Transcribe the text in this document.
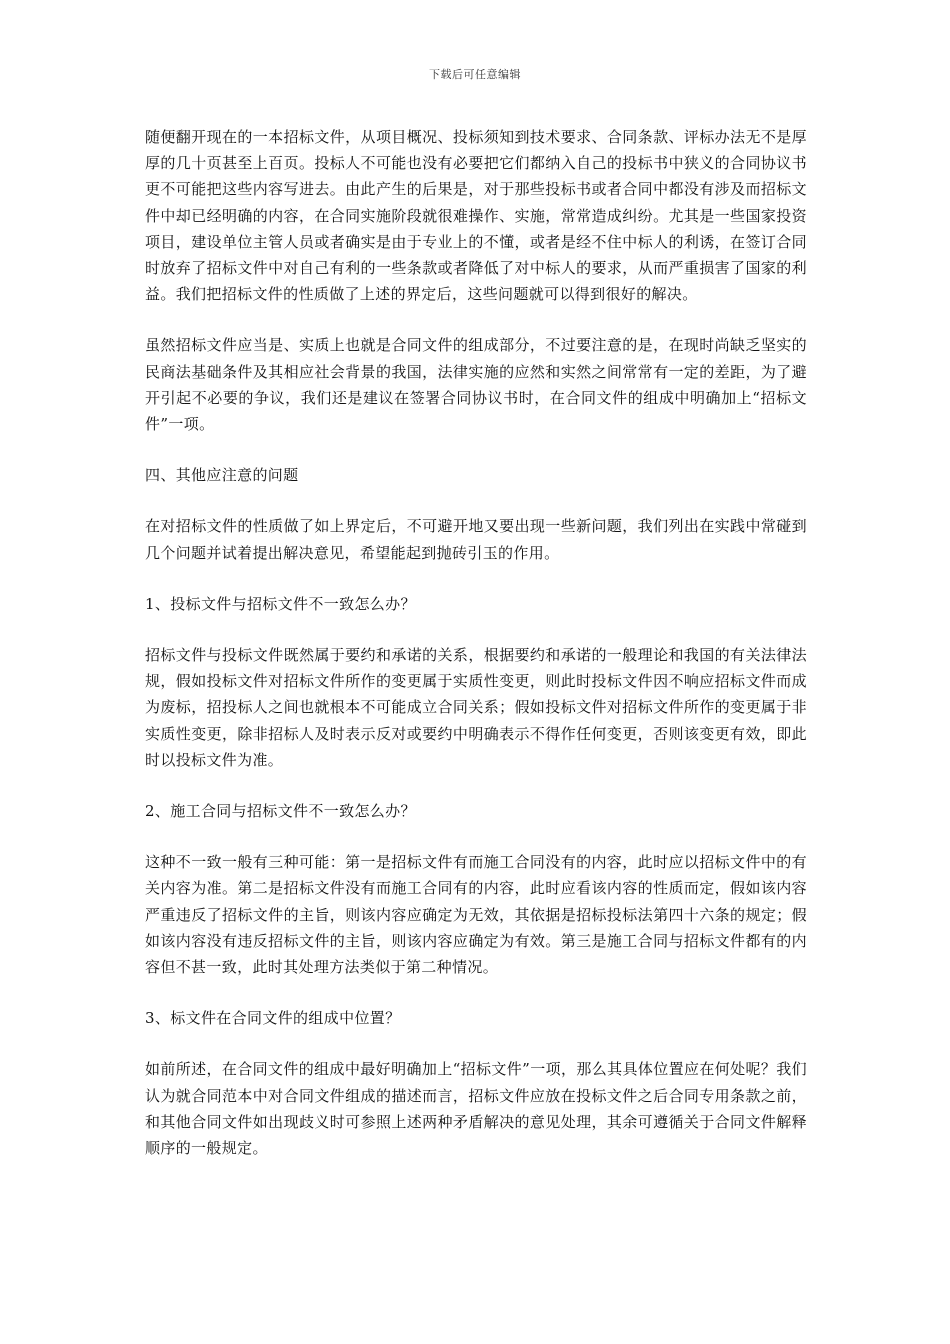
下载后可任意编辑

随便翻开现在的一本招标文件，从项目概况、投标须知到技术要求、合同条款、评标办法无不是厚厚的几十页甚至上百页。投标人不可能也没有必要把它们都纳入自己的投标书中狭义的合同协议书更不可能把这些内容写进去。由此产生的后果是，对于那些投标书或者合同中都没有涉及而招标文件中却已经明确的内容，在合同实施阶段就很难操作、实施，常常造成纠纷。尤其是一些国家投资项目，建设单位主管人员或者确实是由于专业上的不懂，或者是经不住中标人的利诱，在签订合同时放弃了招标文件中对自己有利的一些条款或者降低了对中标人的要求，从而严重损害了国家的利益。我们把招标文件的性质做了上述的界定后，这些问题就可以得到很好的解决。

虽然招标文件应当是、实质上也就是合同文件的组成部分，不过要注意的是，在现时尚缺乏坚实的民商法基础条件及其相应社会背景的我国，法律实施的应然和实然之间常常有一定的差距，为了避开引起不必要的争议，我们还是建议在签署合同协议书时，在合同文件的组成中明确加上“招标文件”一项。

四、其他应注意的问题

在对招标文件的性质做了如上界定后，不可避开地又要出现一些新问题，我们列出在实践中常碰到几个问题并试着提出解决意见，希望能起到抛砖引玉的作用。

1、投标文件与招标文件不一致怎么办？

招标文件与投标文件既然属于要约和承诺的关系，根据要约和承诺的一般理论和我国的有关法律法规，假如投标文件对招标文件所作的变更属于实质性变更，则此时投标文件因不响应招标文件而成为废标，招投标人之间也就根本不可能成立合同关系；假如投标文件对招标文件所作的变更属于非实质性变更，除非招标人及时表示反对或要约中明确表示不得作任何变更，否则该变更有效，即此时以投标文件为准。

2、施工合同与招标文件不一致怎么办？

这种不一致一般有三种可能：第一是招标文件有而施工合同没有的内容，此时应以招标文件中的有关内容为准。第二是招标文件没有而施工合同有的内容，此时应看该内容的性质而定，假如该内容严重违反了招标文件的主旨，则该内容应确定为无效，其依据是招标投标法第四十六条的规定；假如该内容没有违反招标文件的主旨，则该内容应确定为有效。第三是施工合同与招标文件都有的内容但不甚一致，此时其处理方法类似于第二种情况。

3、标文件在合同文件的组成中位置？

如前所述，在合同文件的组成中最好明确加上“招标文件”一项，那么其具体位置应在何处呢？我们认为就合同范本中对合同文件组成的描述而言，招标文件应放在投标文件之后合同专用条款之前，和其他合同文件如出现歧义时可参照上述两种矛盾解决的意见处理，其余可遵循关于合同文件解释顺序的一般规定。
